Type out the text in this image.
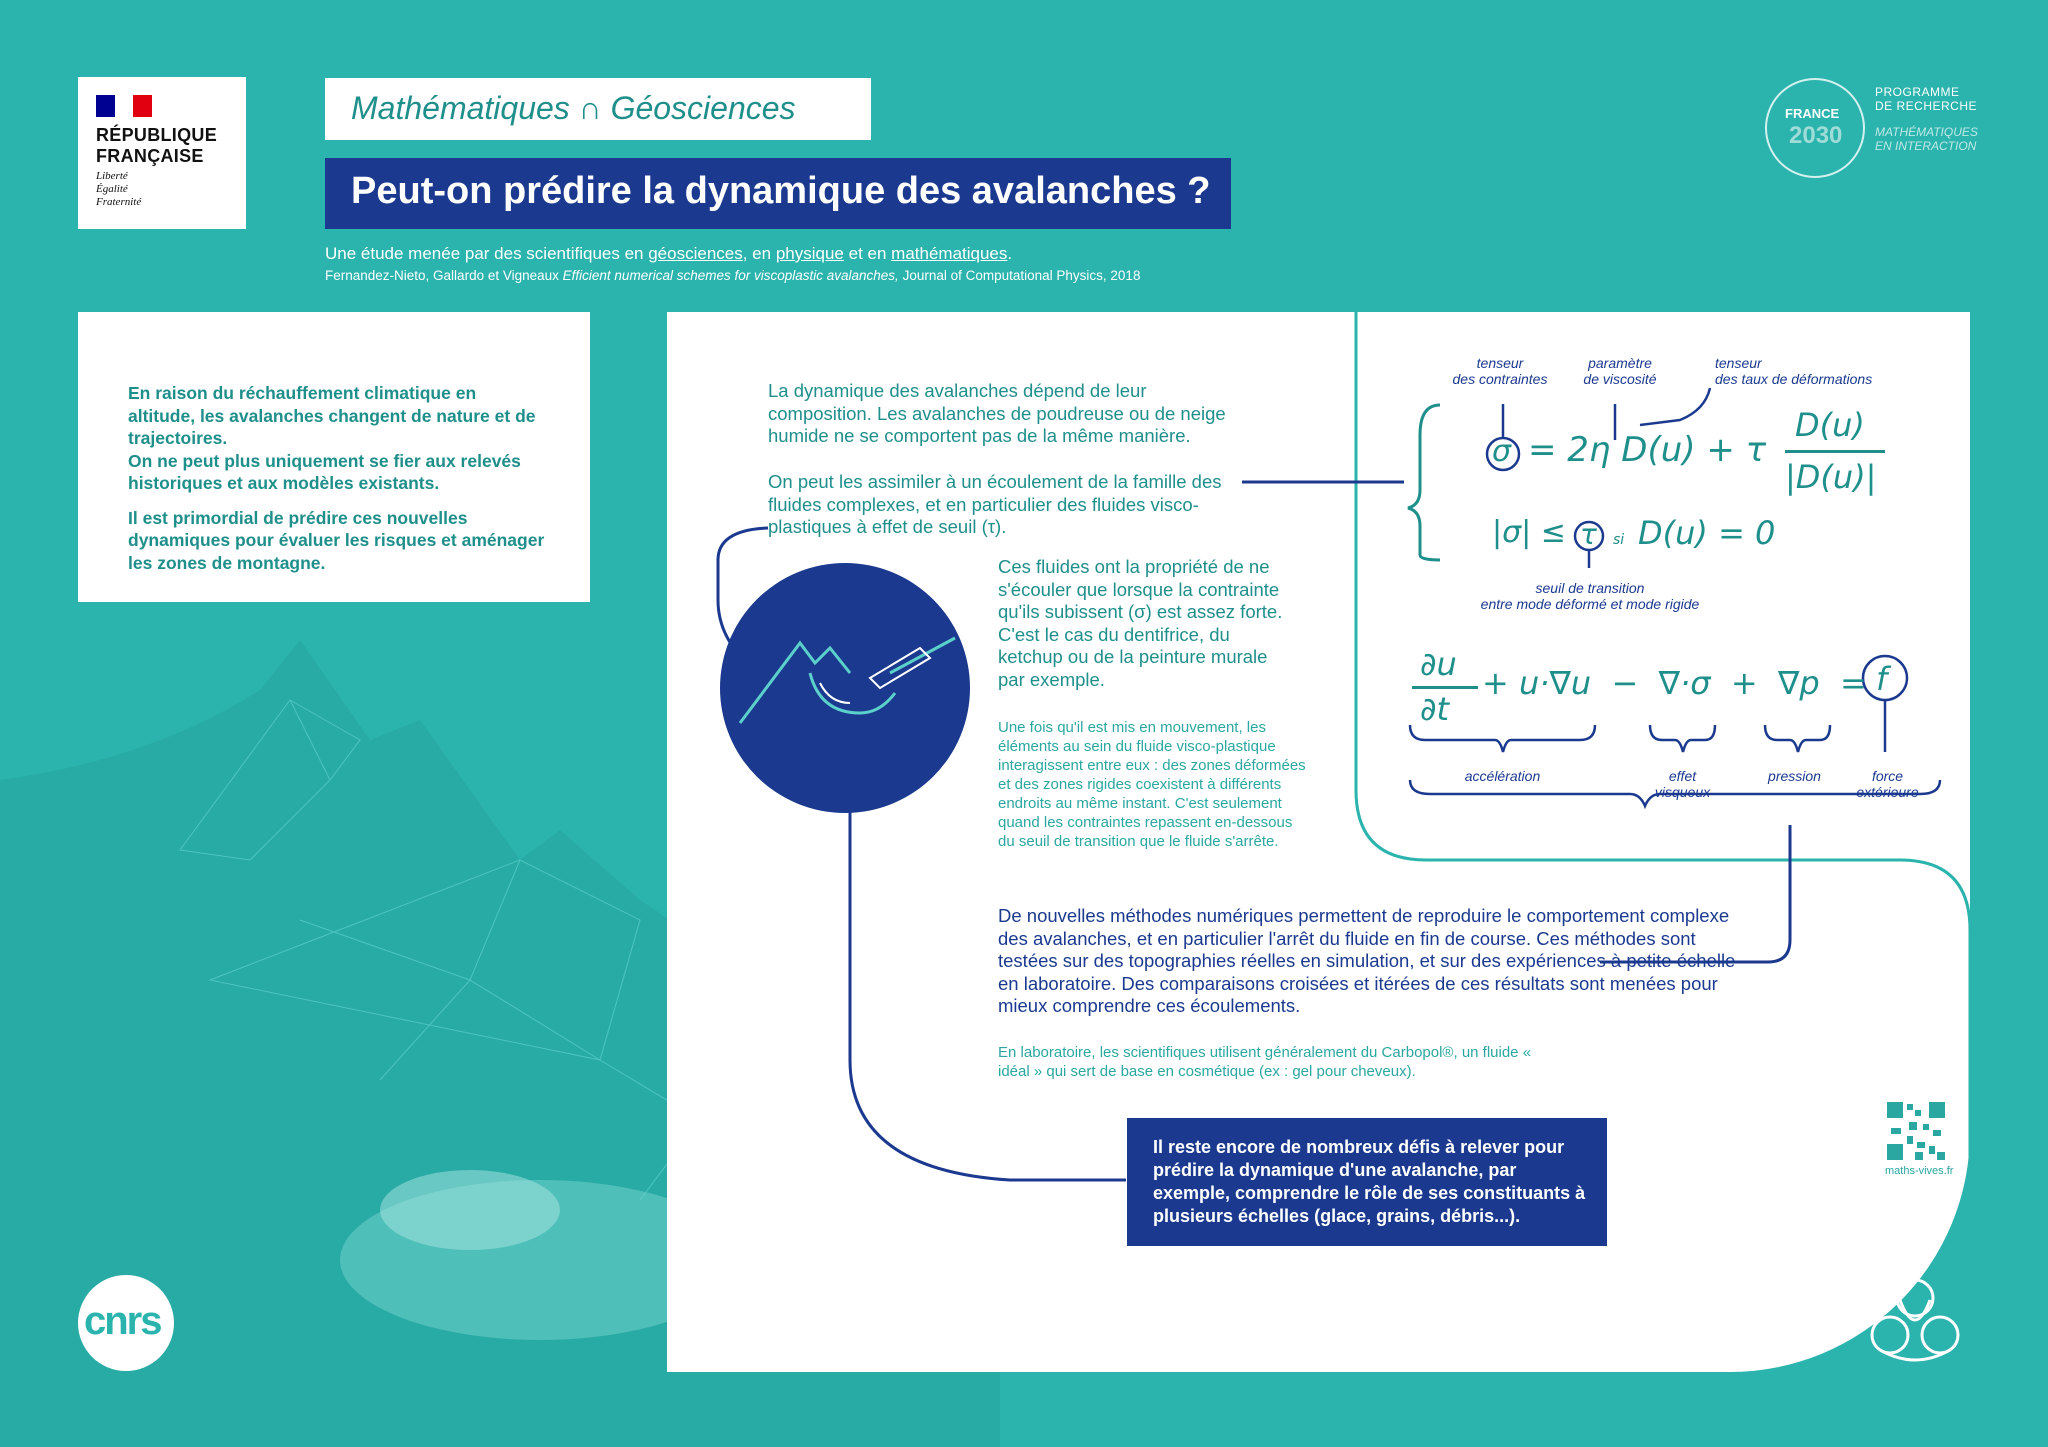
RÉPUBLIQUE
FRANÇAISE
Liberté
Égalité
Fraternité
Mathématiques ∩ Géosciences
Peut-on prédire la dynamique des avalanches ?
Une étude menée par des scientifiques en géosciences, en physique et en mathématiques.
Fernandez-Nieto, Gallardo et Vigneaux Efficient numerical schemes for viscoplastic avalanches, Journal of Computational Physics, 2018
FRANCE
2030
PROGRAMME
DE RECHERCHE
MATHÉMATIQUES
EN INTERACTION

En raison du réchauffement climatique en altitude, les avalanches changent de nature et de trajectoires.
On ne peut plus uniquement se fier aux relevés historiques et aux modèles existants.

Il est primordial de prédire ces nouvelles dynamiques pour évaluer les risques et aménager les zones de montagne.

La dynamique des avalanches dépend de leur composition. Les avalanches de poudreuse ou de neige humide ne se comportent pas de la même manière.
On peut les assimiler à un écoulement de la famille des fluides complexes, et en particulier des fluides visco-plastiques à effet de seuil (τ).
Ces fluides ont la propriété de ne s'écouler que lorsque la contrainte qu'ils subissent (σ) est assez forte. C'est le cas du dentifrice, du ketchup ou de la peinture murale par exemple.
Une fois qu'il est mis en mouvement, les éléments au sein du fluide visco-plastique interagissent entre eux : des zones déformées et des zones rigides coexistent à différents endroits au même instant. C'est seulement quand les contraintes repassent en-dessous du seuil de transition que le fluide s'arrête.
De nouvelles méthodes numériques permettent de reproduire le comportement complexe des avalanches, et en particulier l'arrêt du fluide en fin de course. Ces méthodes sont testées sur des topographies réelles en simulation, et sur des expériences à petite échelle en laboratoire. Des comparaisons croisées et itérées de ces résultats sont menées pour mieux comprendre ces écoulements.
En laboratoire, les scientifiques utilisent généralement du Carbopol®, un fluide « idéal » qui sert de base en cosmétique (ex : gel pour cheveux).
Il reste encore de nombreux défis à relever pour prédire la dynamique d'une avalanche, par exemple, comprendre le rôle de ses constituants à plusieurs échelles (glace, grains, débris...).
tenseur
des contraintes
paramètre
de viscosité
tenseur
des taux de déformations
σ = 2η D(u) + τ
D(u)
|D(u)|
|σ| ≤ τ si D(u) = 0
seuil de transition
entre mode déformé et mode rigide
∂u
∂t
+ u·∇u  −  ∇·σ  +  ∇p  = f
accélération	effet
visqueux
pression	force
extérieure
cnrs
anr©
maths-vives.fr
